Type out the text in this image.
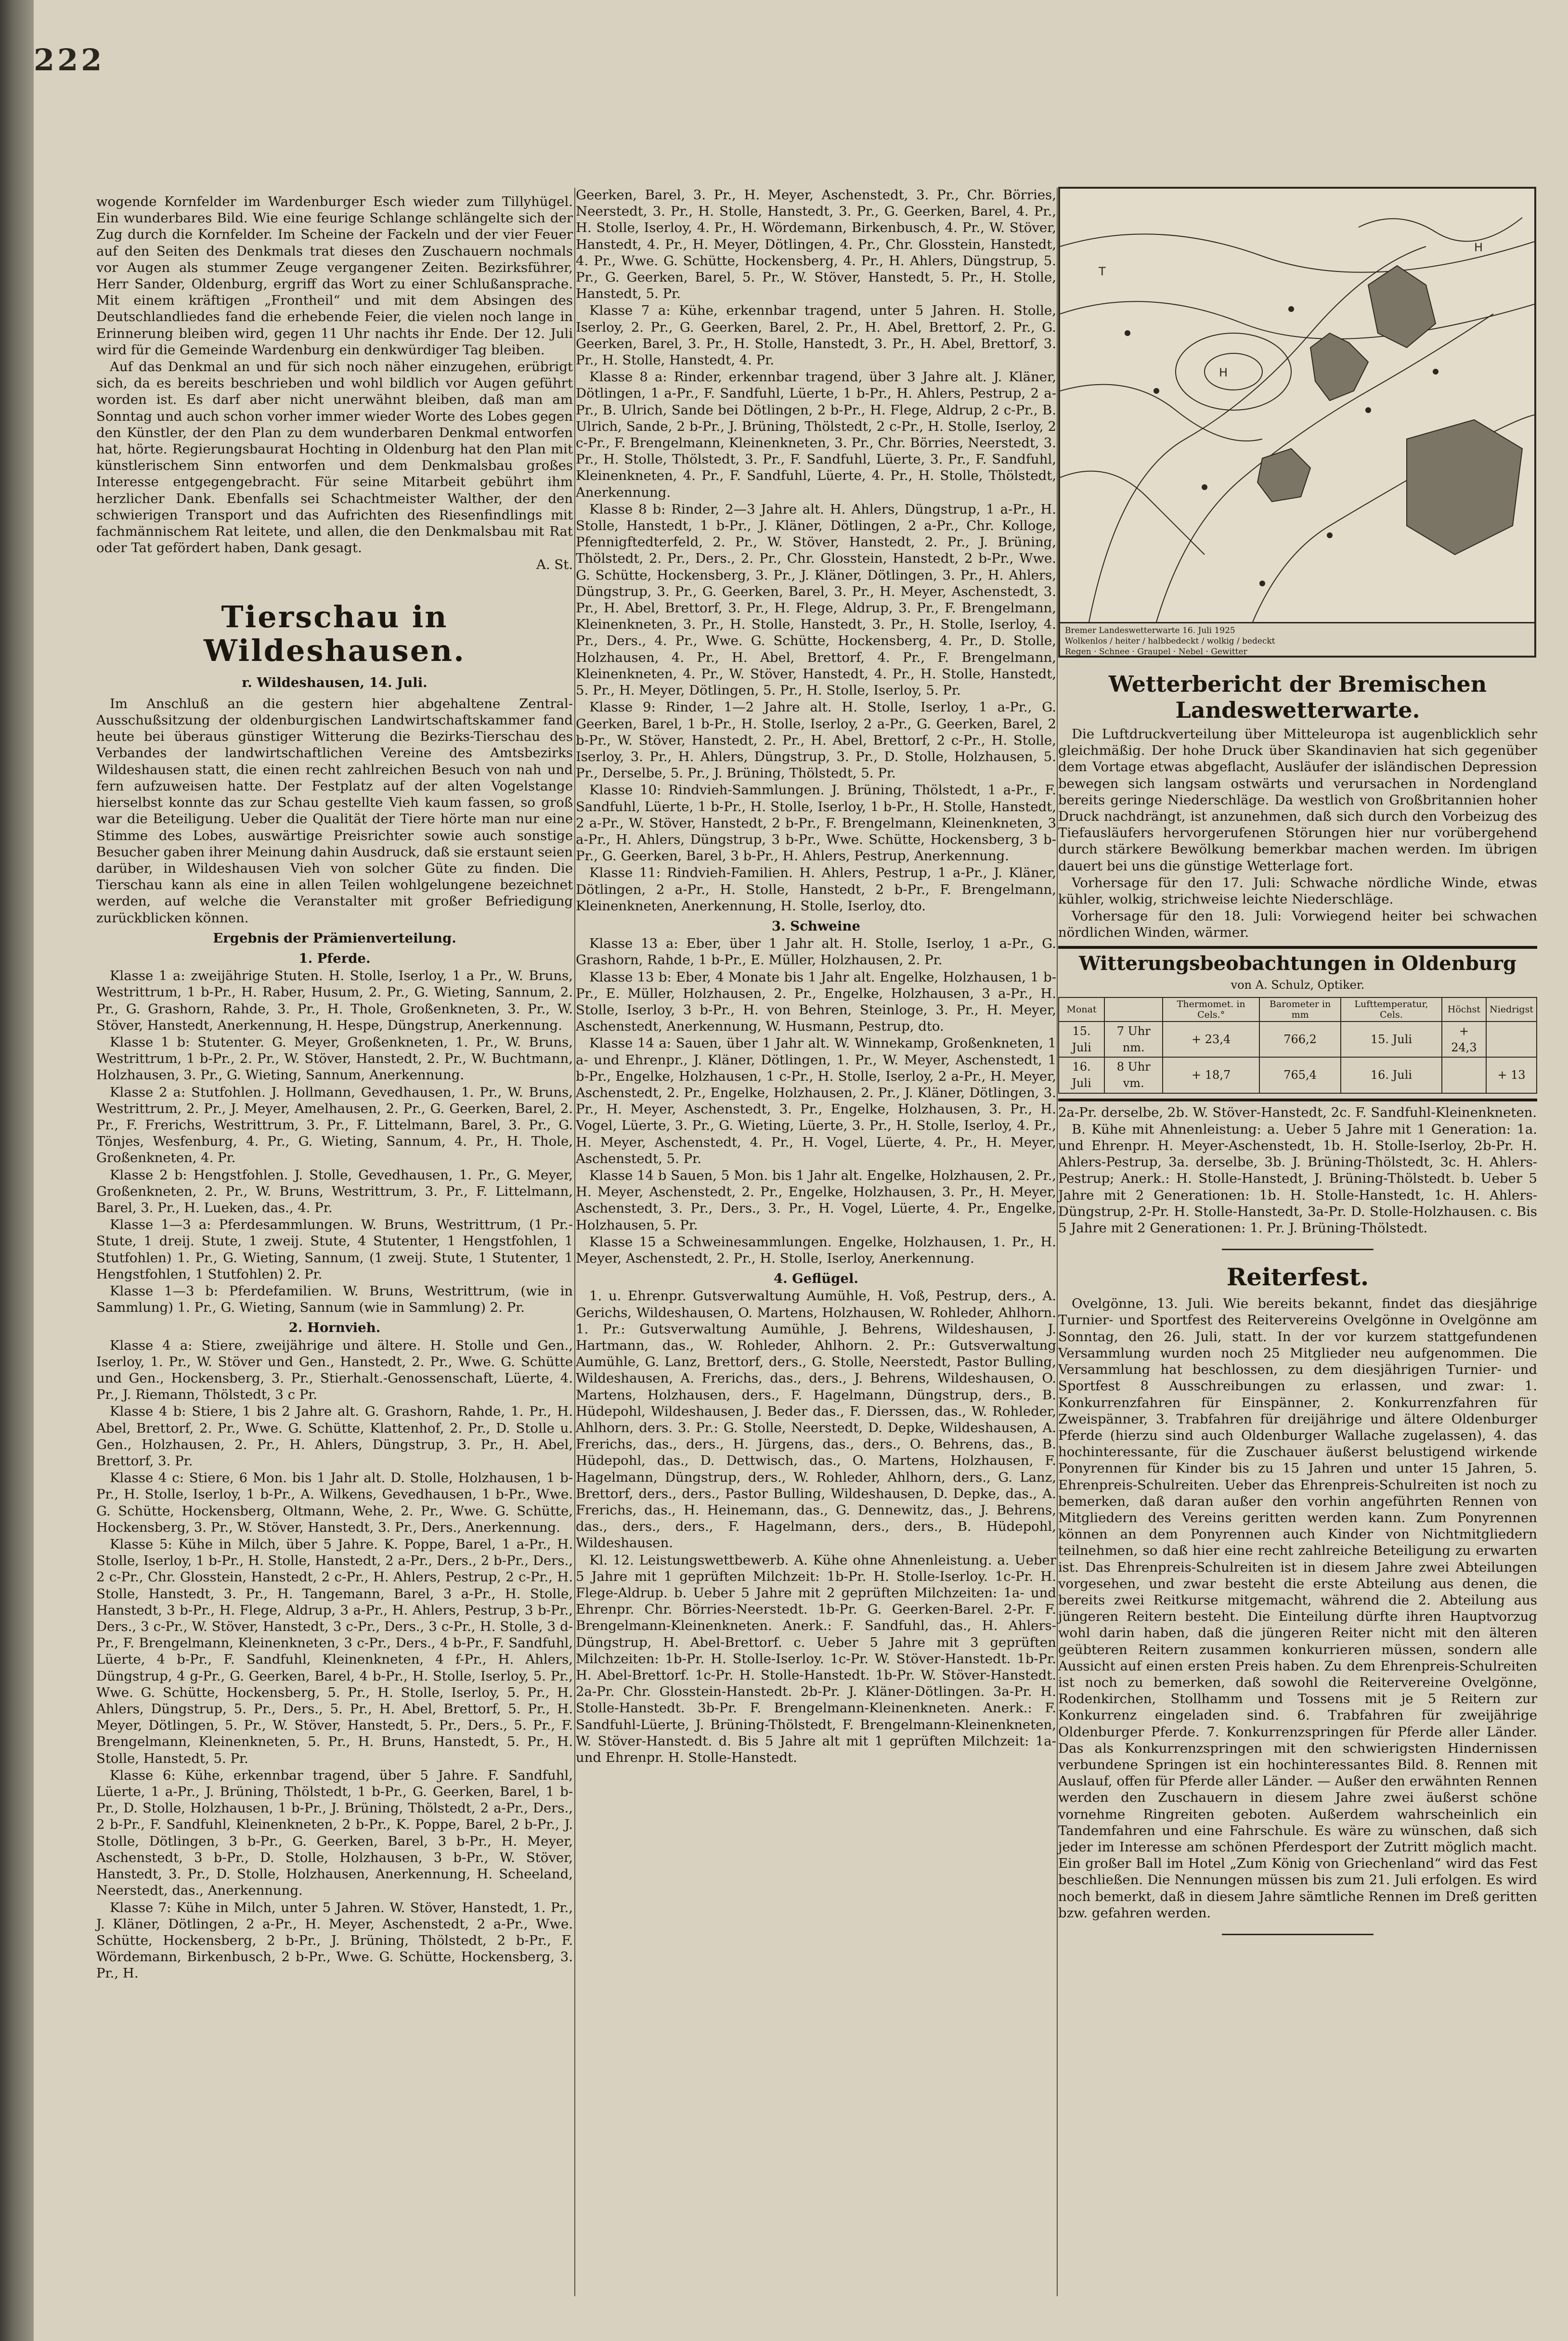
222

wogende Kornfelder im Wardenburger Esch wieder zum Tillyhügel. Ein wunderbares Bild. Wie eine feurige Schlange schlängelte sich der Zug durch die Kornfelder. Im Scheine der Fackeln und der vier Feuer auf den Seiten des Denkmals trat dieses den Zuschauern nochmals vor Augen als stummer Zeuge vergangener Zeiten. Bezirksführer, Herr Sander, Oldenburg, ergriff das Wort zu einer Schlußansprache. Mit einem kräftigen „Frontheil“ und mit dem Absingen des Deutschlandliedes fand die erhebende Feier, die vielen noch lange in Erinnerung bleiben wird, gegen 11 Uhr nachts ihr Ende. Der 12. Juli wird für die Gemeinde Wardenburg ein denkwürdiger Tag bleiben.

Auf das Denkmal an und für sich noch näher einzugehen, erübrigt sich, da es bereits beschrieben und wohl bildlich vor Augen geführt worden ist. Es darf aber nicht unerwähnt bleiben, daß man am Sonntag und auch schon vorher immer wieder Worte des Lobes gegen den Künstler, der den Plan zu dem wunderbaren Denkmal entworfen hat, hörte. Regierungsbaurat Hochting in Oldenburg hat den Plan mit künstlerischem Sinn entworfen und dem Denkmalsbau großes Interesse entgegengebracht. Für seine Mitarbeit gebührt ihm herzlicher Dank. Ebenfalls sei Schachtmeister Walther, der den schwierigen Transport und das Aufrichten des Riesenfindlings mit fachmännischem Rat leitete, und allen, die den Denkmalsbau mit Rat oder Tat gefördert haben, Dank gesagt.

A. St.
Tierschau in Wildeshausen.
r. Wildeshausen, 14. Juli.

Im Anschluß an die gestern hier abgehaltene Zentral-Ausschußsitzung der oldenburgischen Landwirtschaftskammer fand heute bei überaus günstiger Witterung die Bezirks-Tierschau des Verbandes der landwirtschaftlichen Vereine des Amtsbezirks Wildeshausen statt, die einen recht zahlreichen Besuch von nah und fern aufzuweisen hatte. Der Festplatz auf der alten Vogelstange hierselbst konnte das zur Schau gestellte Vieh kaum fassen, so groß war die Beteiligung. Ueber die Qualität der Tiere hörte man nur eine Stimme des Lobes, auswärtige Preisrichter sowie auch sonstige Besucher gaben ihrer Meinung dahin Ausdruck, daß sie erstaunt seien darüber, in Wildeshausen Vieh von solcher Güte zu finden. Die Tierschau kann als eine in allen Teilen wohlgelungene bezeichnet werden, auf welche die Veranstalter mit großer Befriedigung zurückblicken können.

Ergebnis der Prämienverteilung.
1. Pferde.

Klasse 1 a: zweijährige Stuten. H. Stolle, Iserloy, 1 a Pr., W. Bruns, Westrittrum, 1 b-Pr., H. Raber, Husum, 2. Pr., G. Wieting, Sannum, 2. Pr., G. Grashorn, Rahde, 3. Pr., H. Thole, Großenkneten, 3. Pr., W. Stöver, Hanstedt, Anerkennung, H. Hespe, Düngstrup, Anerkennung.

Klasse 1 b: Stutenter. G. Meyer, Großenkneten, 1. Pr., W. Bruns, Westrittrum, 1 b-Pr., 2. Pr., W. Stöver, Hanstedt, 2. Pr., W. Buchtmann, Holzhausen, 3. Pr., G. Wieting, Sannum, Anerkennung.

Klasse 2 a: Stutfohlen. J. Hollmann, Gevedhausen, 1. Pr., W. Bruns, Westrittrum, 2. Pr., J. Meyer, Amelhausen, 2. Pr., G. Geerken, Barel, 2. Pr., F. Frerichs, Westrittrum, 3. Pr., F. Littelmann, Barel, 3. Pr., G. Tönjes, Wesfenburg, 4. Pr., G. Wieting, Sannum, 4. Pr., H. Thole, Großenkneten, 4. Pr.

Klasse 2 b: Hengstfohlen. J. Stolle, Gevedhausen, 1. Pr., G. Meyer, Großenkneten, 2. Pr., W. Bruns, Westrittrum, 3. Pr., F. Littelmann, Barel, 3. Pr., H. Lueken, das., 4. Pr.

Klasse 1—3 a: Pferdesammlungen. W. Bruns, Westrittrum, (1 Pr.-Stute, 1 dreij. Stute, 1 zweij. Stute, 4 Stutenter, 1 Hengstfohlen, 1 Stutfohlen) 1. Pr., G. Wieting, Sannum, (1 zweij. Stute, 1 Stutenter, 1 Hengstfohlen, 1 Stutfohlen) 2. Pr.

Klasse 1—3 b: Pferdefamilien. W. Bruns, Westrittrum, (wie in Sammlung) 1. Pr., G. Wieting, Sannum (wie in Sammlung) 2. Pr.

2. Hornvieh.

Klasse 4 a: Stiere, zweijährige und ältere. H. Stolle und Gen., Iserloy, 1. Pr., W. Stöver und Gen., Hanstedt, 2. Pr., Wwe. G. Schütte und Gen., Hockensberg, 3. Pr., Stierhalt.-Genossenschaft, Lüerte, 4. Pr., J. Riemann, Thölstedt, 3 c Pr.

Klasse 4 b: Stiere, 1 bis 2 Jahre alt. G. Grashorn, Rahde, 1. Pr., H. Abel, Brettorf, 2. Pr., Wwe. G. Schütte, Klattenhof, 2. Pr., D. Stolle u. Gen., Holzhausen, 2. Pr., H. Ahlers, Düngstrup, 3. Pr., H. Abel, Brettorf, 3. Pr.

Klasse 4 c: Stiere, 6 Mon. bis 1 Jahr alt. D. Stolle, Holzhausen, 1 b-Pr., H. Stolle, Iserloy, 1 b-Pr., A. Wilkens, Gevedhausen, 1 b-Pr., Wwe. G. Schütte, Hockensberg, Oltmann, Wehe, 2. Pr., Wwe. G. Schütte, Hockensberg, 3. Pr., W. Stöver, Hanstedt, 3. Pr., Ders., Anerkennung.

Klasse 5: Kühe in Milch, über 5 Jahre. K. Poppe, Barel, 1 a-Pr., H. Stolle, Iserloy, 1 b-Pr., H. Stolle, Hanstedt, 2 a-Pr., Ders., 2 b-Pr., Ders., 2 c-Pr., Chr. Glosstein, Hanstedt, 2 c-Pr., H. Ahlers, Pestrup, 2 c-Pr., H. Stolle, Hanstedt, 3. Pr., H. Tangemann, Barel, 3 a-Pr., H. Stolle, Hanstedt, 3 b-Pr., H. Flege, Aldrup, 3 a-Pr., H. Ahlers, Pestrup, 3 b-Pr., Ders., 3 c-Pr., W. Stöver, Hanstedt, 3 c-Pr., Ders., 3 c-Pr., H. Stolle, 3 d-Pr., F. Brengelmann, Kleinenkneten, 3 c-Pr., Ders., 4 b-Pr., F. Sandfuhl, Lüerte, 4 b-Pr., F. Sandfuhl, Kleinenkneten, 4 f-Pr., H. Ahlers, Düngstrup, 4 g-Pr., G. Geerken, Barel, 4 b-Pr., H. Stolle, Iserloy, 5. Pr., Wwe. G. Schütte, Hockensberg, 5. Pr., H. Stolle, Iserloy, 5. Pr., H. Ahlers, Düngstrup, 5. Pr., Ders., 5. Pr., H. Abel, Brettorf, 5. Pr., H. Meyer, Dötlingen, 5. Pr., W. Stöver, Hanstedt, 5. Pr., Ders., 5. Pr., F. Brengelmann, Kleinenkneten, 5. Pr., H. Bruns, Hanstedt, 5. Pr., H. Stolle, Hanstedt, 5. Pr.

Klasse 6: Kühe, erkennbar tragend, über 5 Jahre. F. Sandfuhl, Lüerte, 1 a-Pr., J. Brüning, Thölstedt, 1 b-Pr., G. Geerken, Barel, 1 b-Pr., D. Stolle, Holzhausen, 1 b-Pr., J. Brüning, Thölstedt, 2 a-Pr., Ders., 2 b-Pr., F. Sandfuhl, Kleinenkneten, 2 b-Pr., K. Poppe, Barel, 2 b-Pr., J. Stolle, Dötlingen, 3 b-Pr., G. Geerken, Barel, 3 b-Pr., H. Meyer, Aschenstedt, 3 b-Pr., D. Stolle, Holzhausen, 3 b-Pr., W. Stöver, Hanstedt, 3. Pr., D. Stolle, Holzhausen, Anerkennung, H. Scheeland, Neerstedt, das., Anerkennung.

Klasse 7: Kühe in Milch, unter 5 Jahren. W. Stöver, Hanstedt, 1. Pr., J. Kläner, Dötlingen, 2 a-Pr., H. Meyer, Aschenstedt, 2 a-Pr., Wwe. Schütte, Hockensberg, 2 b-Pr., J. Brüning, Thölstedt, 2 b-Pr., F. Wördemann, Birkenbusch, 2 b-Pr., Wwe. G. Schütte, Hockensberg, 3. Pr., H.

Geerken, Barel, 3. Pr., H. Meyer, Aschenstedt, 3. Pr., Chr. Börries, Neerstedt, 3. Pr., H. Stolle, Hanstedt, 3. Pr., G. Geerken, Barel, 4. Pr., H. Stolle, Iserloy, 4. Pr., H. Wördemann, Birkenbusch, 4. Pr., W. Stöver, Hanstedt, 4. Pr., H. Meyer, Dötlingen, 4. Pr., Chr. Glosstein, Hanstedt, 4. Pr., Wwe. G. Schütte, Hockensberg, 4. Pr., H. Ahlers, Düngstrup, 5. Pr., G. Geerken, Barel, 5. Pr., W. Stöver, Hanstedt, 5. Pr., H. Stolle, Hanstedt, 5. Pr.

Klasse 7 a: Kühe, erkennbar tragend, unter 5 Jahren. H. Stolle, Iserloy, 2. Pr., G. Geerken, Barel, 2. Pr., H. Abel, Brettorf, 2. Pr., G. Geerken, Barel, 3. Pr., H. Stolle, Hanstedt, 3. Pr., H. Abel, Brettorf, 3. Pr., H. Stolle, Hanstedt, 4. Pr.

Klasse 8 a: Rinder, erkennbar tragend, über 3 Jahre alt. J. Kläner, Dötlingen, 1 a-Pr., F. Sandfuhl, Lüerte, 1 b-Pr., H. Ahlers, Pestrup, 2 a-Pr., B. Ulrich, Sande bei Dötlingen, 2 b-Pr., H. Flege, Aldrup, 2 c-Pr., B. Ulrich, Sande, 2 b-Pr., J. Brüning, Thölstedt, 2 c-Pr., H. Stolle, Iserloy, 2 c-Pr., F. Brengelmann, Kleinenkneten, 3. Pr., Chr. Börries, Neerstedt, 3. Pr., H. Stolle, Thölstedt, 3. Pr., F. Sandfuhl, Lüerte, 3. Pr., F. Sandfuhl, Kleinenkneten, 4. Pr., F. Sandfuhl, Lüerte, 4. Pr., H. Stolle, Thölstedt, Anerkennung.

Klasse 8 b: Rinder, 2—3 Jahre alt. H. Ahlers, Düngstrup, 1 a-Pr., H. Stolle, Hanstedt, 1 b-Pr., J. Kläner, Dötlingen, 2 a-Pr., Chr. Kolloge, Pfennigftedterfeld, 2. Pr., W. Stöver, Hanstedt, 2. Pr., J. Brüning, Thölstedt, 2. Pr., Ders., 2. Pr., Chr. Glosstein, Hanstedt, 2 b-Pr., Wwe. G. Schütte, Hockensberg, 3. Pr., J. Kläner, Dötlingen, 3. Pr., H. Ahlers, Düngstrup, 3. Pr., G. Geerken, Barel, 3. Pr., H. Meyer, Aschenstedt, 3. Pr., H. Abel, Brettorf, 3. Pr., H. Flege, Aldrup, 3. Pr., F. Brengelmann, Kleinenkneten, 3. Pr., H. Stolle, Hanstedt, 3. Pr., H. Stolle, Iserloy, 4. Pr., Ders., 4. Pr., Wwe. G. Schütte, Hockensberg, 4. Pr., D. Stolle, Holzhausen, 4. Pr., H. Abel, Brettorf, 4. Pr., F. Brengelmann, Kleinenkneten, 4. Pr., W. Stöver, Hanstedt, 4. Pr., H. Stolle, Hanstedt, 5. Pr., H. Meyer, Dötlingen, 5. Pr., H. Stolle, Iserloy, 5. Pr.

Klasse 9: Rinder, 1—2 Jahre alt. H. Stolle, Iserloy, 1 a-Pr., G. Geerken, Barel, 1 b-Pr., H. Stolle, Iserloy, 2 a-Pr., G. Geerken, Barel, 2 b-Pr., W. Stöver, Hanstedt, 2. Pr., H. Abel, Brettorf, 2 c-Pr., H. Stolle, Iserloy, 3. Pr., H. Ahlers, Düngstrup, 3. Pr., D. Stolle, Holzhausen, 5. Pr., Derselbe, 5. Pr., J. Brüning, Thölstedt, 5. Pr.

Klasse 10: Rindvieh-Sammlungen. J. Brüning, Thölstedt, 1 a-Pr., F. Sandfuhl, Lüerte, 1 b-Pr., H. Stolle, Iserloy, 1 b-Pr., H. Stolle, Hanstedt, 2 a-Pr., W. Stöver, Hanstedt, 2 b-Pr., F. Brengelmann, Kleinenkneten, 3 a-Pr., H. Ahlers, Düngstrup, 3 b-Pr., Wwe. Schütte, Hockensberg, 3 b-Pr., G. Geerken, Barel, 3 b-Pr., H. Ahlers, Pestrup, Anerkennung.

Klasse 11: Rindvieh-Familien. H. Ahlers, Pestrup, 1 a-Pr., J. Kläner, Dötlingen, 2 a-Pr., H. Stolle, Hanstedt, 2 b-Pr., F. Brengelmann, Kleinenkneten, Anerkennung, H. Stolle, Iserloy, dto.

3. Schweine

Klasse 13 a: Eber, über 1 Jahr alt. H. Stolle, Iserloy, 1 a-Pr., G. Grashorn, Rahde, 1 b-Pr., E. Müller, Holzhausen, 2. Pr.

Klasse 13 b: Eber, 4 Monate bis 1 Jahr alt. Engelke, Holzhausen, 1 b-Pr., E. Müller, Holzhausen, 2. Pr., Engelke, Holzhausen, 3 a-Pr., H. Stolle, Iserloy, 3 b-Pr., H. von Behren, Steinloge, 3. Pr., H. Meyer, Aschenstedt, Anerkennung, W. Husmann, Pestrup, dto.

Klasse 14 a: Sauen, über 1 Jahr alt. W. Winnekamp, Großenkneten, 1 a- und Ehrenpr., J. Kläner, Dötlingen, 1. Pr., W. Meyer, Aschenstedt, 1 b-Pr., Engelke, Holzhausen, 1 c-Pr., H. Stolle, Iserloy, 2 a-Pr., H. Meyer, Aschenstedt, 2. Pr., Engelke, Holzhausen, 2. Pr., J. Kläner, Dötlingen, 3. Pr., H. Meyer, Aschenstedt, 3. Pr., Engelke, Holzhausen, 3. Pr., H. Vogel, Lüerte, 3. Pr., G. Wieting, Lüerte, 3. Pr., H. Stolle, Iserloy, 4. Pr., H. Meyer, Aschenstedt, 4. Pr., H. Vogel, Lüerte, 4. Pr., H. Meyer, Aschenstedt, 5. Pr.

Klasse 14 b Sauen, 5 Mon. bis 1 Jahr alt. Engelke, Holzhausen, 2. Pr., H. Meyer, Aschenstedt, 2. Pr., Engelke, Holzhausen, 3. Pr., H. Meyer, Aschenstedt, 3. Pr., Ders., 3. Pr., H. Vogel, Lüerte, 4. Pr., Engelke, Holzhausen, 5. Pr.

Klasse 15 a Schweinesammlungen. Engelke, Holzhausen, 1. Pr., H. Meyer, Aschenstedt, 2. Pr., H. Stolle, Iserloy, Anerkennung.

4. Geflügel.

1. u. Ehrenpr. Gutsverwaltung Aumühle, H. Voß, Pestrup, ders., A. Gerichs, Wildeshausen, O. Martens, Holzhausen, W. Rohleder, Ahlhorn. 1. Pr.: Gutsverwaltung Aumühle, J. Behrens, Wildeshausen, J. Hartmann, das., W. Rohleder, Ahlhorn. 2. Pr.: Gutsverwaltung Aumühle, G. Lanz, Brettorf, ders., G. Stolle, Neerstedt, Pastor Bulling, Wildeshausen, A. Frerichs, das., ders., J. Behrens, Wildeshausen, O. Martens, Holzhausen, ders., F. Hagelmann, Düngstrup, ders., B. Hüdepohl, Wildeshausen, J. Beder das., F. Dierssen, das., W. Rohleder, Ahlhorn, ders. 3. Pr.: G. Stolle, Neerstedt, D. Depke, Wildeshausen, A. Frerichs, das., ders., H. Jürgens, das., ders., O. Behrens, das., B. Hüdepohl, das., D. Dettwisch, das., O. Martens, Holzhausen, F. Hagelmann, Düngstrup, ders., W. Rohleder, Ahlhorn, ders., G. Lanz, Brettorf, ders., ders., Pastor Bulling, Wildeshausen, D. Depke, das., A. Frerichs, das., H. Heinemann, das., G. Dennewitz, das., J. Behrens, das., ders., ders., F. Hagelmann, ders., ders., B. Hüdepohl, Wildeshausen.

Kl. 12. Leistungswettbewerb. A. Kühe ohne Ahnenleistung. a. Ueber 5 Jahre mit 1 geprüften Milchzeit: 1b-Pr. H. Stolle-Iserloy. 1c-Pr. H. Flege-Aldrup. b. Ueber 5 Jahre mit 2 geprüften Milchzeiten: 1a- und Ehrenpr. Chr. Börries-Neerstedt. 1b-Pr. G. Geerken-Barel. 2-Pr. F. Brengelmann-Kleinenkneten. Anerk.: F. Sandfuhl, das., H. Ahlers-Düngstrup, H. Abel-Brettorf. c. Ueber 5 Jahre mit 3 geprüften Milchzeiten: 1b-Pr. H. Stolle-Iserloy. 1c-Pr. W. Stöver-Hanstedt. 1b-Pr. H. Abel-Brettorf. 1c-Pr. H. Stolle-Hanstedt. 1b-Pr. W. Stöver-Hanstedt. 2a-Pr. Chr. Glosstein-Hanstedt. 2b-Pr. J. Kläner-Dötlingen. 3a-Pr. H. Stolle-Hanstedt. 3b-Pr. F. Brengelmann-Kleinenkneten. Anerk.: F. Sandfuhl-Lüerte, J. Brüning-Thölstedt, F. Brengelmann-Kleinenkneten, W. Stöver-Hanstedt. d. Bis 5 Jahre alt mit 1 geprüften Milchzeit: 1a- und Ehrenpr. H. Stolle-Hanstedt.

H
T
H
Bremer Landeswetterwarte 16. Juli 1925
Wolkenlos / heiter / halbbedeckt / wolkig / bedeckt
Regen · Schnee · Graupel · Nebel · Gewitter
Wetterbericht der Bremischen Landeswetterwarte.

Die Luftdruckverteilung über Mitteleuropa ist augenblicklich sehr gleichmäßig. Der hohe Druck über Skandinavien hat sich gegenüber dem Vortage etwas abgeflacht, Ausläufer der isländischen Depression bewegen sich langsam ostwärts und verursachen in Nordengland bereits geringe Niederschläge. Da westlich von Großbritannien hoher Druck nachdrängt, ist anzunehmen, daß sich durch den Vorbeizug des Tiefausläufers hervorgerufenen Störungen hier nur vorübergehend durch stärkere Bewölkung bemerkbar machen werden. Im übrigen dauert bei uns die günstige Wetterlage fort.

Vorhersage für den 17. Juli: Schwache nördliche Winde, etwas kühler, wolkig, strichweise leichte Niederschläge.

Vorhersage für den 18. Juli: Vorwiegend heiter bei schwachen nördlichen Winden, wärmer.

Witterungsbeobachtungen in Oldenburg
von A. Schulz, Optiker.
Monat		Thermomet. in Cels.°	Barometer in mm	Lufttemperatur, Cels.	Höchst	Niedrigst
15. Juli	7 Uhr nm.	+ 23,4	766,2	15. Juli	+ 24,3	
16. Juli	8 Uhr vm.	+ 18,7	765,4	16. Juli		+ 13

2a-Pr. derselbe, 2b. W. Stöver-Hanstedt, 2c. F. Sandfuhl-Kleinenkneten.

B. Kühe mit Ahnenleistung: a. Ueber 5 Jahre mit 1 Generation: 1a. und Ehrenpr. H. Meyer-Aschenstedt, 1b. H. Stolle-Iserloy, 2b-Pr. H. Ahlers-Pestrup, 3a. derselbe, 3b. J. Brüning-Thölstedt, 3c. H. Ahlers-Pestrup; Anerk.: H. Stolle-Hanstedt, J. Brüning-Thölstedt. b. Ueber 5 Jahre mit 2 Generationen: 1b. H. Stolle-Hanstedt, 1c. H. Ahlers-Düngstrup, 2-Pr. H. Stolle-Hanstedt, 3a-Pr. D. Stolle-Holzhausen. c. Bis 5 Jahre mit 2 Generationen: 1. Pr. J. Brüning-Thölstedt.

Reiterfest.

Ovelgönne, 13. Juli. Wie bereits bekannt, findet das diesjährige Turnier- und Sportfest des Reitervereins Ovelgönne in Ovelgönne am Sonntag, den 26. Juli, statt. In der vor kurzem stattgefundenen Versammlung wurden noch 25 Mitglieder neu aufgenommen. Die Versammlung hat beschlossen, zu dem diesjährigen Turnier- und Sportfest 8 Ausschreibungen zu erlassen, und zwar: 1. Konkurrenzfahren für Einspänner, 2. Konkurrenzfahren für Zweispänner, 3. Trabfahren für dreijährige und ältere Oldenburger Pferde (hierzu sind auch Oldenburger Wallache zugelassen), 4. das hochinteressante, für die Zuschauer äußerst belustigend wirkende Ponyrennen für Kinder bis zu 15 Jahren und unter 15 Jahren, 5. Ehrenpreis-Schulreiten. Ueber das Ehrenpreis-Schulreiten ist noch zu bemerken, daß daran außer den vorhin angeführten Rennen von Mitgliedern des Vereins geritten werden kann. Zum Ponyrennen können an dem Ponyrennen auch Kinder von Nichtmitgliedern teilnehmen, so daß hier eine recht zahlreiche Beteiligung zu erwarten ist. Das Ehrenpreis-Schulreiten ist in diesem Jahre zwei Abteilungen vorgesehen, und zwar besteht die erste Abteilung aus denen, die bereits zwei Reitkurse mitgemacht, während die 2. Abteilung aus jüngeren Reitern besteht. Die Einteilung dürfte ihren Hauptvorzug wohl darin haben, daß die jüngeren Reiter nicht mit den älteren geübteren Reitern zusammen konkurrieren müssen, sondern alle Aussicht auf einen ersten Preis haben. Zu dem Ehrenpreis-Schulreiten ist noch zu bemerken, daß sowohl die Reitervereine Ovelgönne, Rodenkirchen, Stollhamm und Tossens mit je 5 Reitern zur Konkurrenz eingeladen sind. 6. Trabfahren für zweijährige Oldenburger Pferde. 7. Konkurrenzspringen für Pferde aller Länder. Das als Konkurrenzspringen mit den schwierigsten Hindernissen verbundene Springen ist ein hochinteressantes Bild. 8. Rennen mit Auslauf, offen für Pferde aller Länder. — Außer den erwähnten Rennen werden den Zuschauern in diesem Jahre zwei äußerst schöne vornehme Ringreiten geboten. Außerdem wahrscheinlich ein Tandemfahren und eine Fahrschule. Es wäre zu wünschen, daß sich jeder im Interesse am schönen Pferdesport der Zutritt möglich macht. Ein großer Ball im Hotel „Zum König von Griechenland“ wird das Fest beschließen. Die Nennungen müssen bis zum 21. Juli erfolgen. Es wird noch bemerkt, daß in diesem Jahre sämtliche Rennen im Dreß geritten bzw. gefahren werden.
